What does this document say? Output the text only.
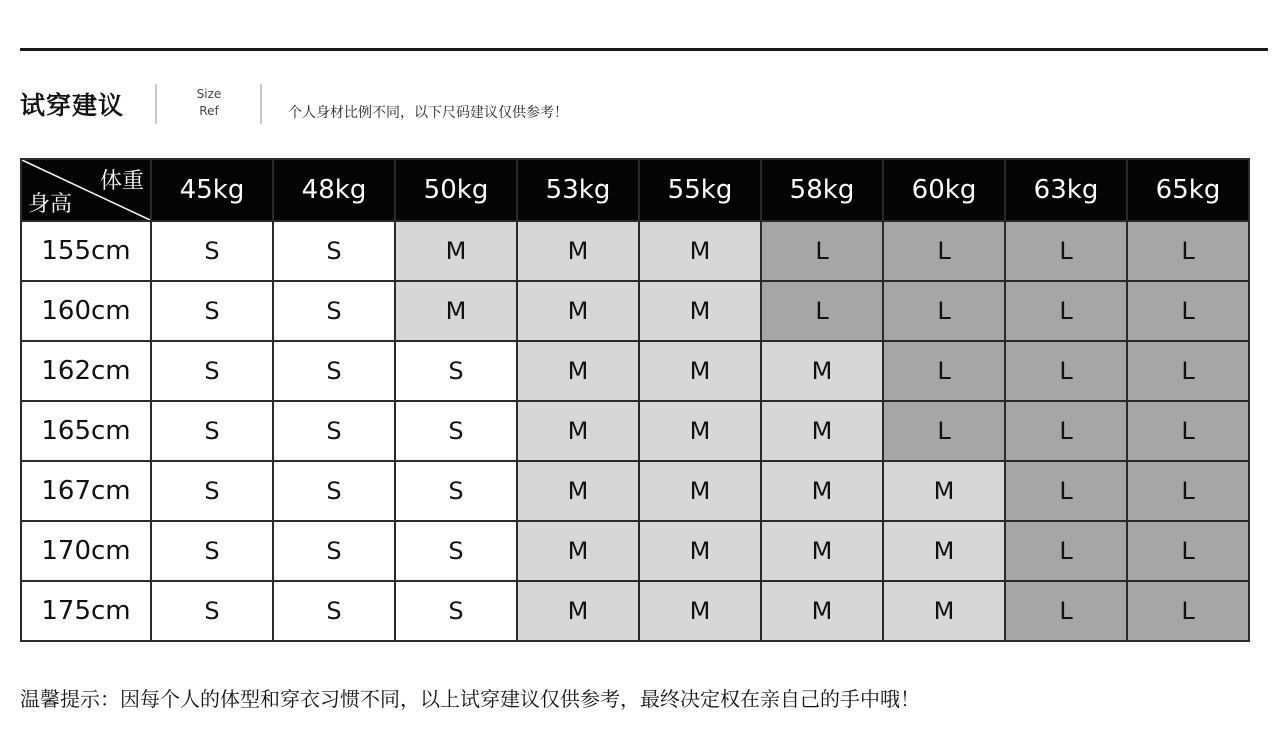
试穿建议	Size
Ref	个人身材比例不同，以下尺码建议仅供参考！
体重
身高	45kg	48kg	50kg	53kg	55kg	58kg	60kg	63kg	65kg
155cm	S	S	M	M	M	L	L	L	L
160cm	S	S	M	M	M	L	L	L	L
162cm	S	S	S	M	M	M	L	L	L
165cm	S	S	S	M	M	M	L	L	L
167cm	S	S	S	M	M	M	M	L	L
170cm	S	S	S	M	M	M	M	L	L
175cm	S	S	S	M	M	M	M	L	L
温馨提示：因每个人的体型和穿衣习惯不同，以上试穿建议仅供参考，最终决定权在亲自己的手中哦！
